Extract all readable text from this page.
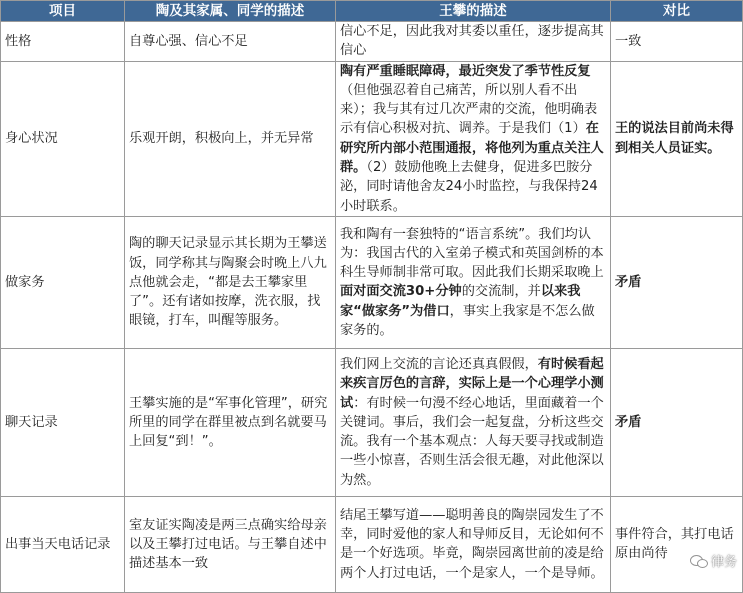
项目	陶及其家属、同学的描述	王攀的描述	对比
性格	自尊心强、信心不足	信心不足，因此我对其委以重任，逐步提高其信心	一致
身心状况	乐观开朗，积极向上，并无异常	陶有严重睡眠障碍，最近突发了季节性反复（但他强忍着自己痛苦，所以别人看不出来）；我与其有过几次严肃的交流，他明确表示有信心积极对抗、调养。于是我们（1）在研究所内部小范围通报，将他列为重点关注人群。（2）鼓励他晚上去健身，促进多巴胺分泌，同时请他舍友24小时监控，与我保持24小时联系。	王的说法目前尚未得到相关人员证实。
做家务	陶的聊天记录显示其长期为王攀送饭，同学称其与陶聚会时晚上八九点他就会走，“都是去王攀家里了”。还有诸如按摩，洗衣服，找眼镜，打车，叫醒等服务。	我和陶有一套独特的“语言系统”。我们均认为：我国古代的入室弟子模式和英国剑桥的本科生导师制非常可取。因此我们长期采取晚上面对面交流30+分钟的交流制，并以来我家“做家务”为借口，事实上我家是不怎么做家务的。	矛盾
聊天记录	王攀实施的是“军事化管理”，研究所里的同学在群里被点到名就要马上回复“到！”。	我们网上交流的言论还真真假假，有时候看起来疾言厉色的言辞，实际上是一个心理学小测试：有时候一句漫不经心地话，里面藏着一个关键词。事后，我们会一起复盘，分析这些交流。我有一个基本观点：人每天要寻找或制造一些小惊喜，否则生活会很无趣，对此他深以为然。	矛盾
出事当天电话记录	室友证实陶凌是两三点确实给母亲以及王攀打过电话。与王攀自述中描述基本一致	结尾王攀写道——聪明善良的陶崇园发生了不幸，同时爱他的家人和导师反目，无论如何不是一个好选项。毕竟，陶崇园离世前的凌是给两个人打过电话，一个是家人，一个是导师。	事件符合，其打电话原由尚待
律务
